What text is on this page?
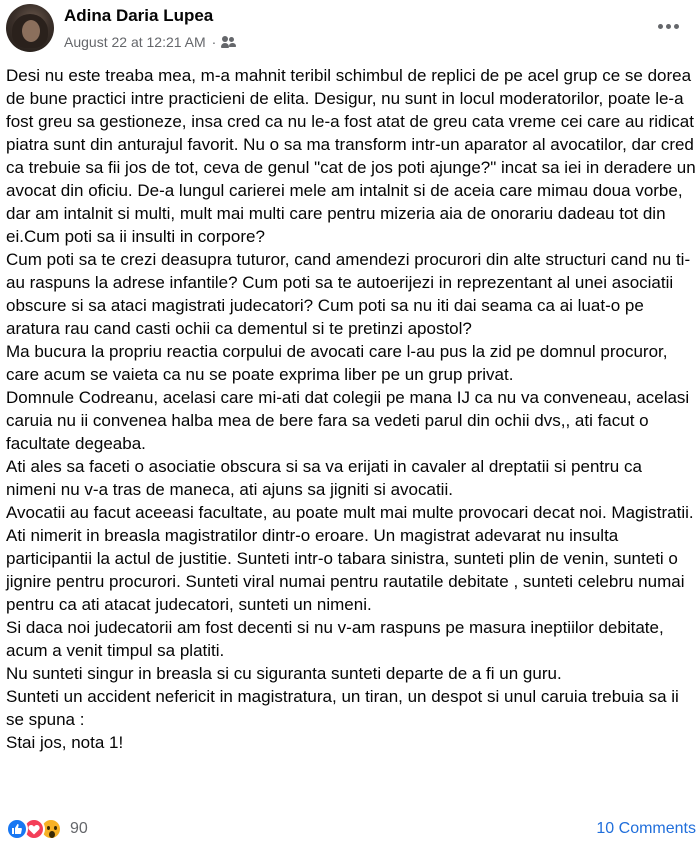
Adina Daria Lupea
August 22 at 12:21 AM ·

Desi nu este treaba mea, m-a mahnit teribil schimbul de replici de pe acel grup ce se dorea de bune practici intre practicieni de elita. Desigur, nu sunt in locul moderatorilor, poate le-a fost greu sa gestioneze, insa cred ca nu le-a fost atat de greu cata vreme cei care au ridicat piatra sunt din anturajul favorit. Nu o sa ma transform intr-un aparator al avocatilor, dar cred ca trebuie sa fii jos de tot, ceva de genul "cat de jos poti ajunge?" incat sa iei in deradere un avocat din oficiu. De-a lungul carierei mele am intalnit si de aceia care mimau doua vorbe, dar am intalnit si multi, mult mai multi care pentru mizeria aia de onorariu dadeau tot din ei.Cum poti sa ii insulti in corpore?

Cum poti sa te crezi deasupra tuturor, cand amendezi procurori din alte structuri cand nu ti-au raspuns la adrese infantile? Cum poti sa te autoerijezi in reprezentant al unei asociatii obscure si sa ataci magistrati judecatori? Cum poti sa nu iti dai seama ca ai luat-o pe aratura rau cand casti ochii ca dementul si te pretinzi apostol?

Ma bucura la propriu reactia corpului de avocati care l-au pus la zid pe domnul procuror, care acum se vaieta ca nu se poate exprima liber pe un grup privat.

Domnule Codreanu, acelasi care mi-ati dat colegii pe mana IJ ca nu va conveneau, acelasi caruia nu ii convenea halba mea de bere fara sa vedeti parul din ochii dvs,, ati facut o facultate degeaba.

Ati ales sa faceti o asociatie obscura si sa va erijati in cavaler al dreptatii si pentru ca nimeni nu v-a tras de maneca, ati ajuns sa jigniti si avocatii.

Avocatii au facut aceeasi facultate, au poate mult mai multe provocari decat noi. Magistratii. Ati nimerit in breasla magistratilor dintr-o eroare. Un magistrat adevarat nu insulta participantii la actul de justitie. Sunteti intr-o tabara sinistra, sunteti plin de venin, sunteti o jignire pentru procurori. Sunteti viral numai pentru rautatile debitate , sunteti celebru numai pentru ca ati atacat judecatori, sunteti un nimeni.

Si daca noi judecatorii am fost decenti si nu v-am raspuns pe masura ineptiilor debitate, acum a venit timpul sa platiti.

Nu sunteti singur in breasla si cu siguranta sunteti departe de a fi un guru.

Sunteti un accident nefericit in magistratura, un tiran, un despot si unul caruia trebuia sa ii se spuna :

Stai jos, nota 1!

90	10 Comments
